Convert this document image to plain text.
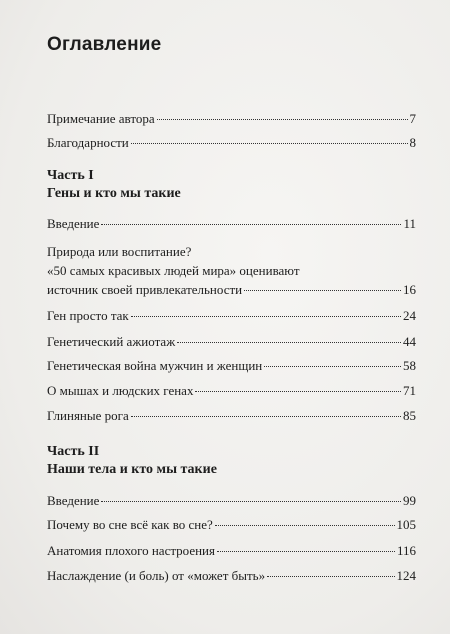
Оглавление
Примечание автора	7
Благодарности	8
Часть I
Гены и кто мы такие
Введение	11
Природа или воспитание?
«50 самых красивых людей мира» оценивают
источник своей привлекательности	16
Ген просто так	24
Генетический ажиотаж	44
Генетическая война мужчин и женщин	58
О мышах и людских генах	71
Глиняные рога	85
Часть II
Наши тела и кто мы такие
Введение	99
Почему во сне всё как во сне?	105
Анатомия плохого настроения	116
Наслаждение (и боль) от «может быть»	124
